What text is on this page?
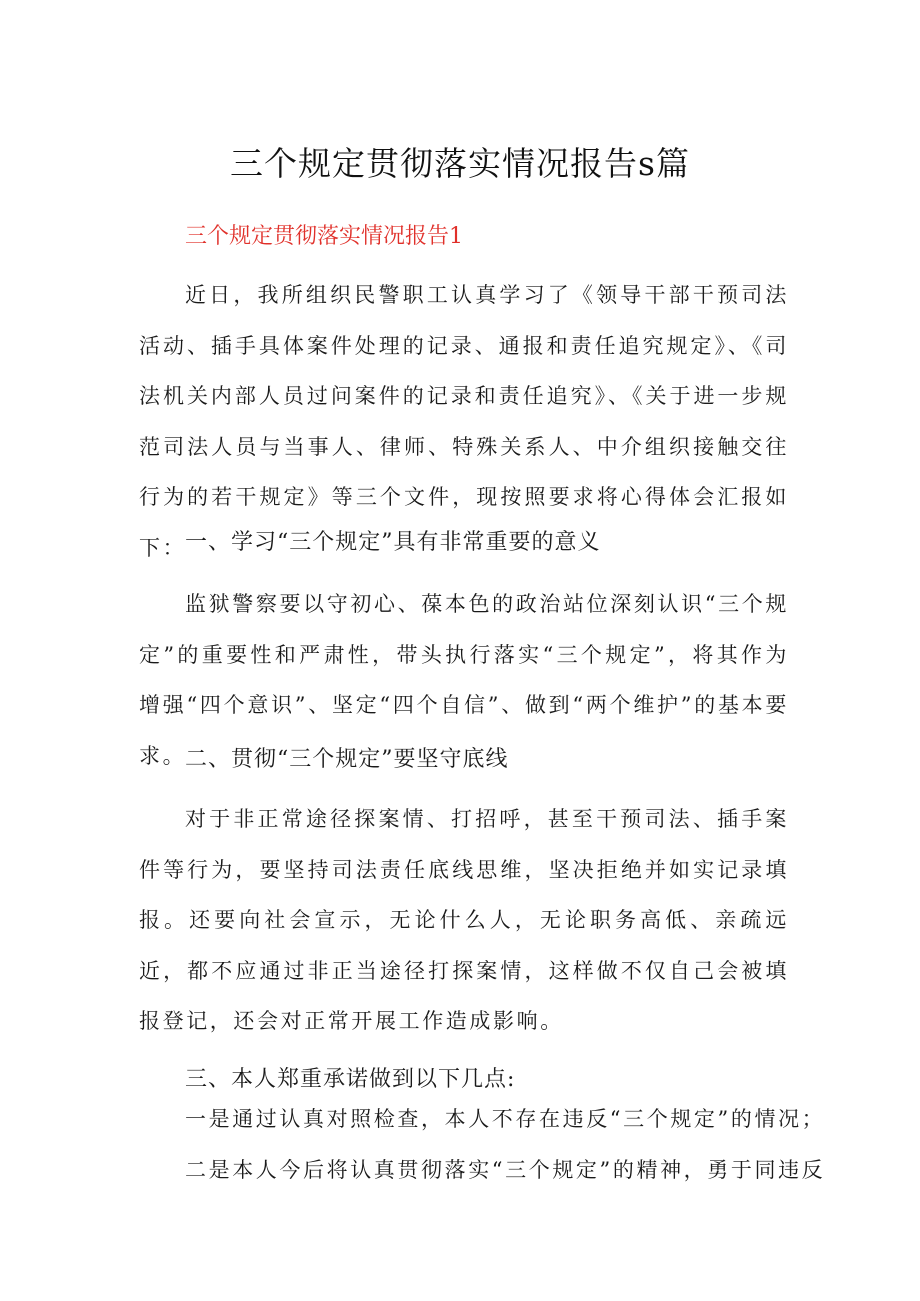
三个规定贯彻落实情况报告s篇
三个规定贯彻落实情况报告1
近日，我所组织民警职工认真学习了《领导干部干预司法活动、插手具体案件处理的记录、通报和责任追究规定》、《司法机关内部人员过问案件的记录和责任追究》、《关于进一步规范司法人员与当事人、律师、特殊关系人、中介组织接触交往行为的若干规定》等三个文件，现按照要求将心得体会汇报如下：
一、学习“三个规定”具有非常重要的意义
监狱警察要以守初心、葆本色的政治站位深刻认识“三个规定”的重要性和严肃性，带头执行落实“三个规定”，将其作为增强“四个意识”、坚定“四个自信”、做到“两个维护”的基本要求。
二、贯彻“三个规定”要坚守底线
对于非正常途径探案情、打招呼，甚至干预司法、插手案件等行为，要坚持司法责任底线思维，坚决拒绝并如实记录填报。还要向社会宣示，无论什么人，无论职务高低、亲疏远近，都不应通过非正当途径打探案情，这样做不仅自己会被填报登记，还会对正常开展工作造成影响。
三、本人郑重承诺做到以下几点:
一是通过认真对照检查，本人不存在违反“三个规定”的情况；
二是本人今后将认真贯彻落实“三个规定”的精神，勇于同违反
